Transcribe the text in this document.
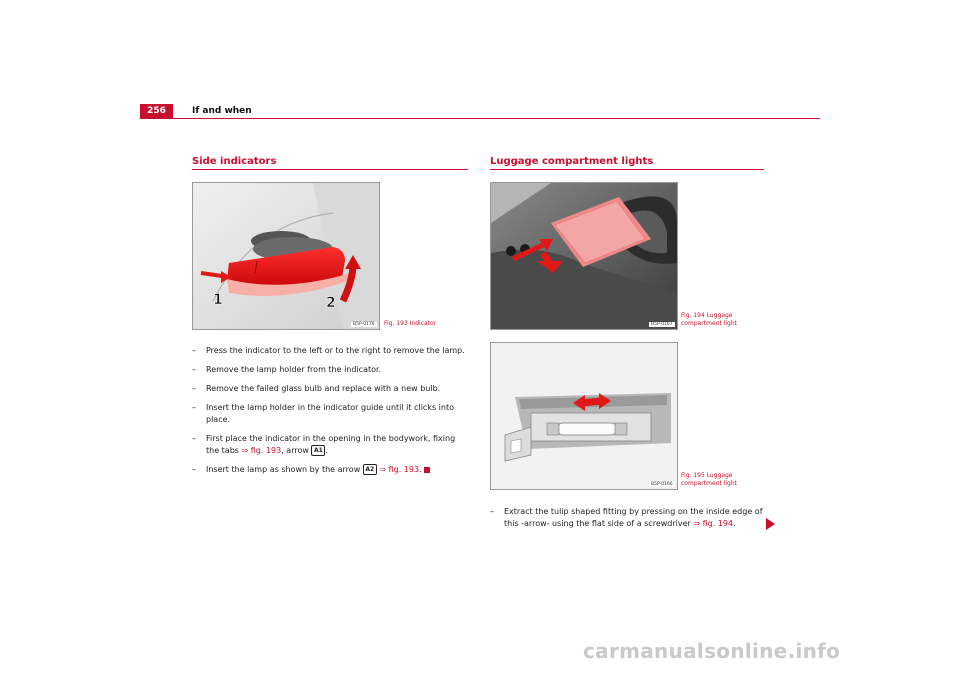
256	If and when
Side indicators
1	2
B5P-0176	Fig. 193 Indicator
– Press the indicator to the left or to the right to remove the lamp.
– Remove the lamp holder from the indicator.
– Remove the failed glass bulb and replace with a new bulb.
– Insert the lamp holder in the indicator guide until it clicks into place.
– First place the indicator in the opening in the bodywork, fixing the tabs ⇒ fig. 193, arrow A1 .
– Insert the lamp as shown by the arrow A2 ⇒ fig. 193.
Luggage compartment lights
B5P-0167
Fig. 194 Luggage
compartment light
B5P-0166
Fig. 195 Luggage
compartment light
– Extract the tulip shaped fitting by pressing on the inside edge of this -arrow- using the flat side of a screwdriver ⇒ fig. 194.
carmanualsonline.info
